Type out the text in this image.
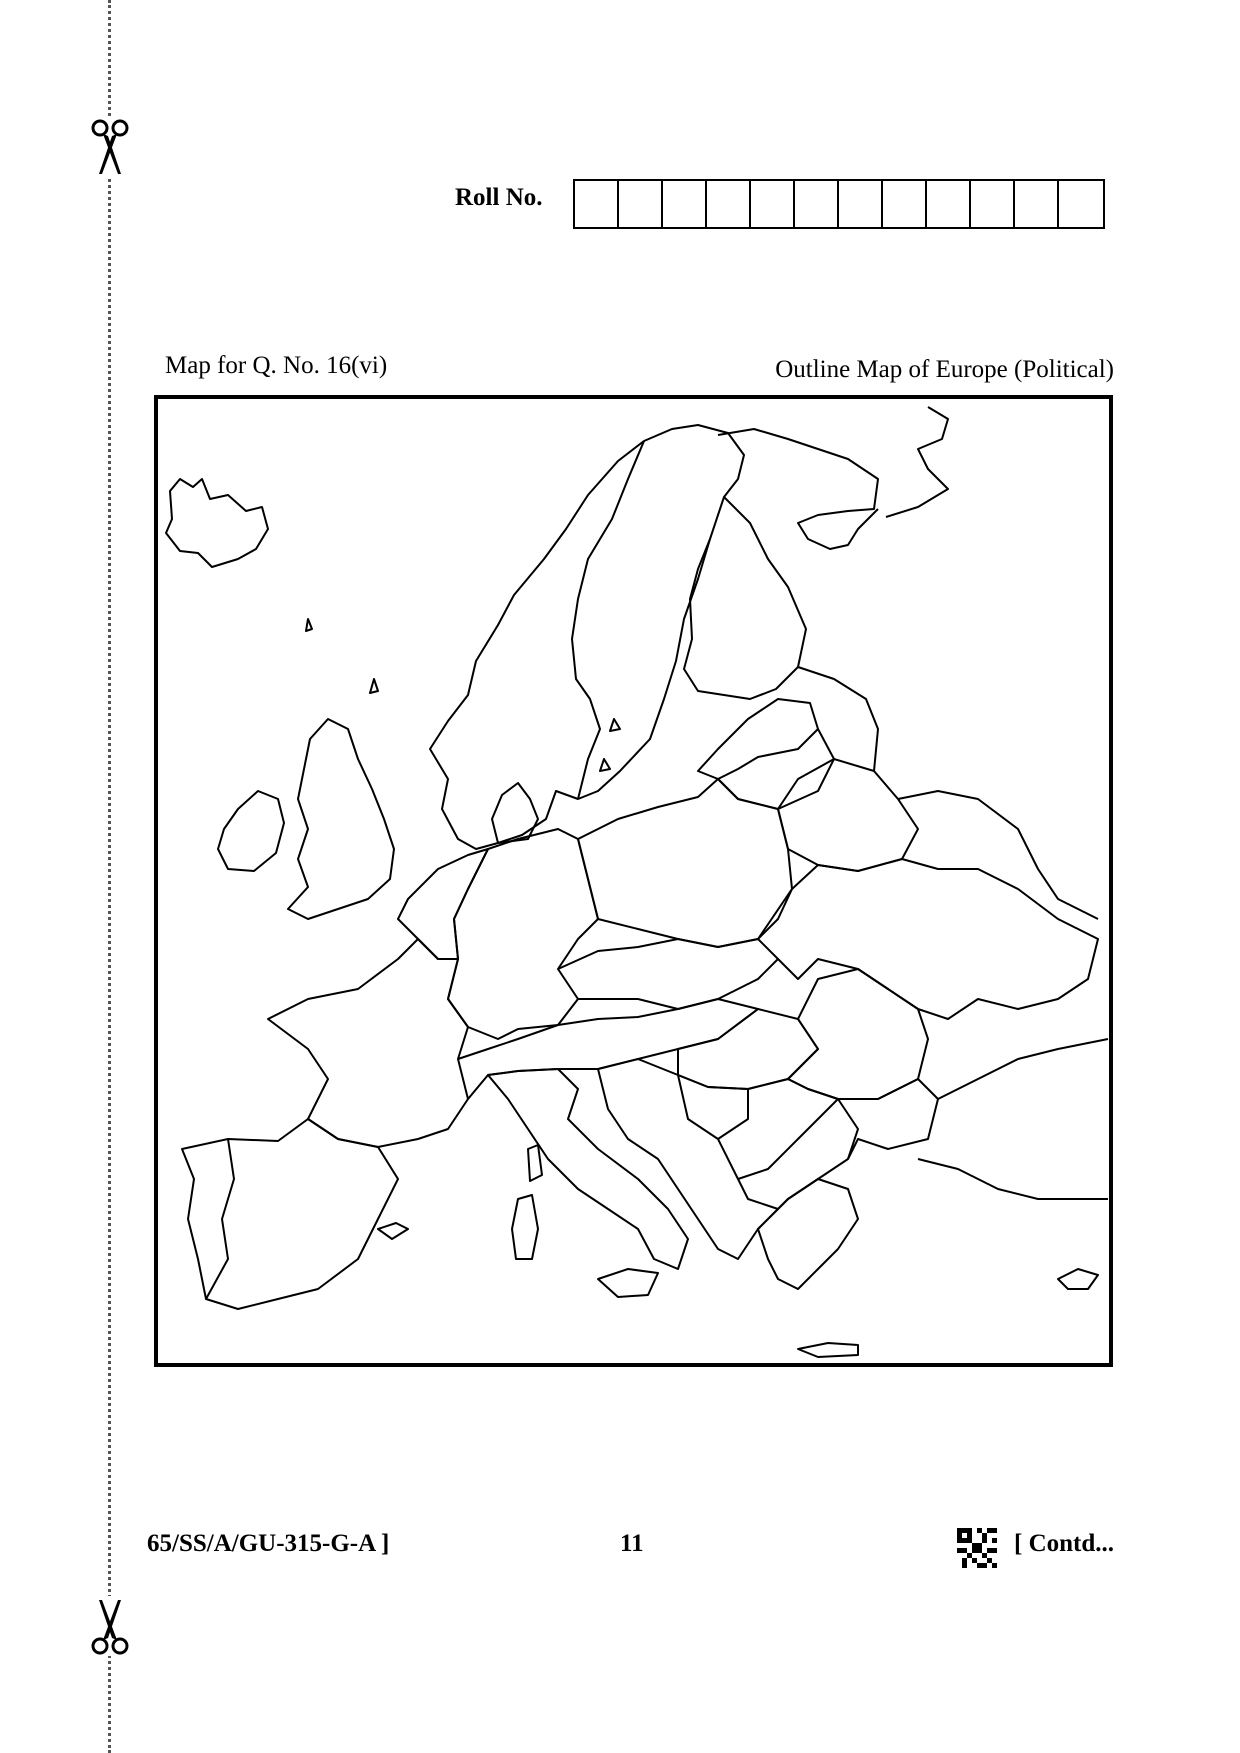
Roll No.
Map for Q. No. 16(vi)	Outline Map of Europe (Political)
65/SS/A/GU-315-G-A ]	11	[ Contd...
